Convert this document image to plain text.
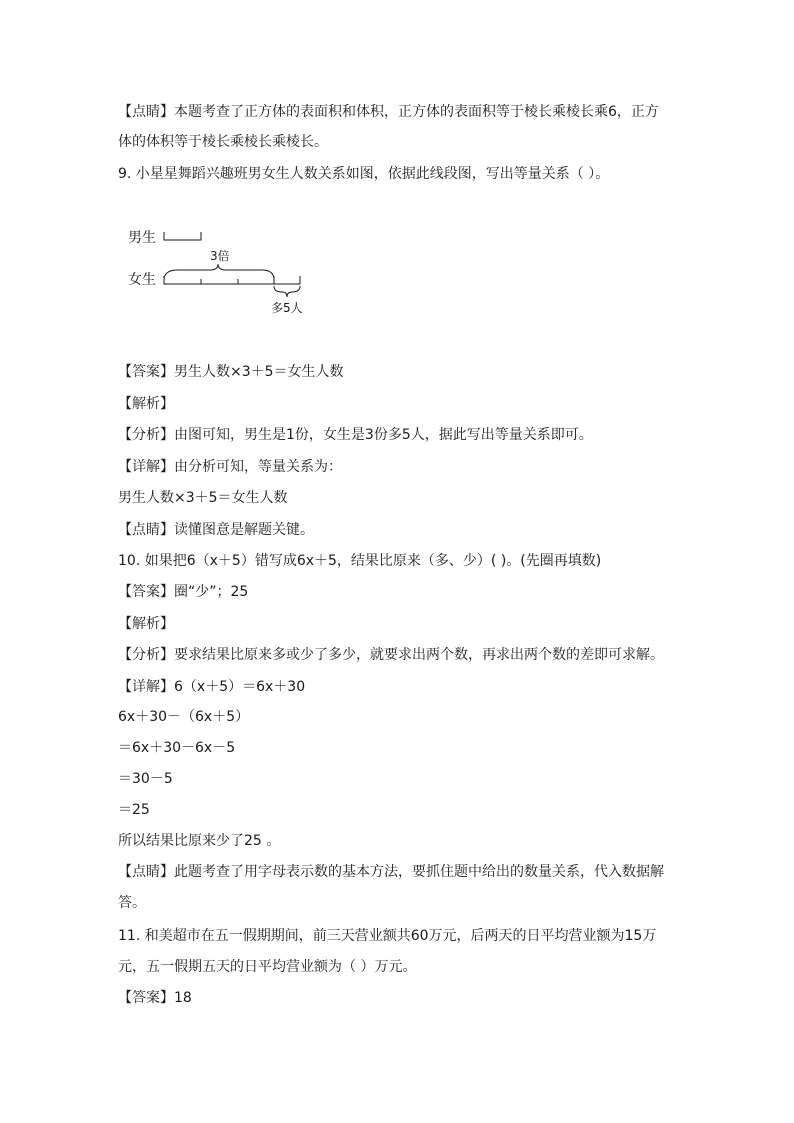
【点睛】本题考查了正方体的表面积和体积，正方体的表面积等于棱长乘棱长乘6，正方
体的体积等于棱长乘棱长乘棱长。
9. 小星星舞蹈兴趣班男女生人数关系如图，依据此线段图，写出等量关系（ ）。
男生
3倍
女生
多5人
【答案】男生人数×3＋5＝女生人数
【解析】
【分析】由图可知，男生是1份，女生是3份多5人，据此写出等量关系即可。
【详解】由分析可知，等量关系为：
男生人数×3＋5＝女生人数
【点睛】读懂图意是解题关键。
10. 如果把6（x＋5）错写成6x＋5，结果比原来（多、少）( )。(先圈再填数)
【答案】圈“少”；25
【解析】
【分析】要求结果比原来多或少了多少，就要求出两个数，再求出两个数的差即可求解。
【详解】6（x＋5）＝6x＋30
6x＋30－（6x＋5）
＝6x＋30－6x－5
＝30－5
＝25
所以结果比原来少了25 。
【点睛】此题考查了用字母表示数的基本方法，要抓住题中给出的数量关系，代入数据解
答。
11. 和美超市在五一假期期间，前三天营业额共60万元，后两天的日平均营业额为15万
元，五一假期五天的日平均营业额为（ ）万元。
【答案】18
